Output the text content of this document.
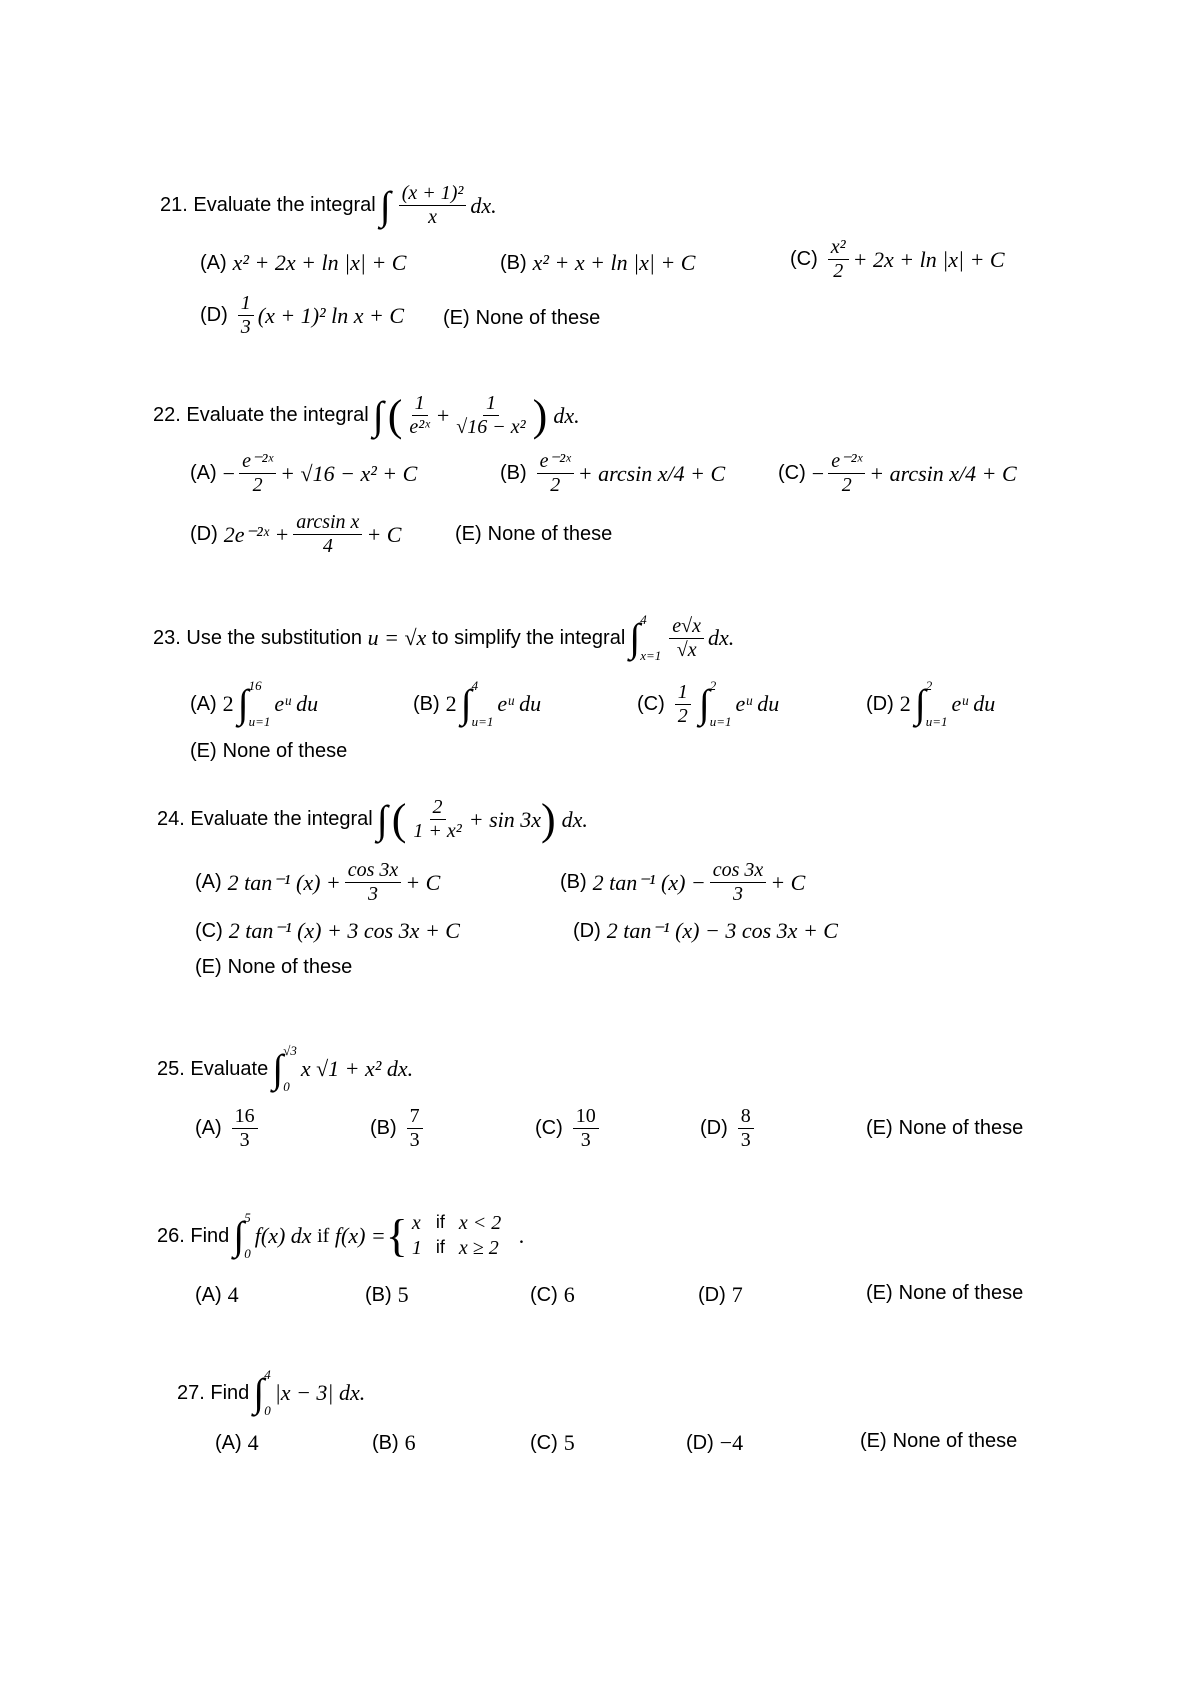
21.
Evaluate the integral ∫ $\frac{\text{(x + 1)²}}{x}$ dx.
(A) x² + 2x + ln |x| + C	(B) x² + x + ln |x| + C	$(C) \frac{\text{x²}}{2} + 2x + \ln |x| + C$
$(D) \frac{1}{3} (x + 1)^2$ ln x + C (E) None of these
22.
Evaluate the integral ∫ ( $\frac{1}{\text{e²ˣ}} + \frac{1}{\text{√16 − x²}}$ ) dx.
$(A) - \frac{\text{e⁻²ˣ}}{2} + √16 - x^2 + C$	$(B) \frac{\text{e⁻²ˣ}}{2} + \arcsin x/4 + C$	$(C) - \frac{\text{e⁻²ˣ}}{2} + \arcsin x/4 + C$
(D) 2e⁻²ˣ + $\frac{\text{arcsin x}}{4} + C$	(E) None of these
23.
Use the substitution
u = √x
to simplify the integral ∫ 4
$x=1 \frac{e√x}{√x}$ dx.
(A) 2 ∫ 16
u=1
eᵘ du	(B) 2 ∫ 4
u=1
eᵘ du	$(C) \frac{1}{2}$ ∫ 2
u=1
eᵘ du	(D) 2 ∫ 2
u=1
eᵘ du
(E) None of these
24.
Evaluate the integral ∫ ( $\frac{2}{\text{1 + x²}} + \sin 3x$ ) dx.
(A) 2 tan⁻¹ $(x) + \frac{\cos 3x}{3} + C$	(B) 2 tan⁻¹ $(x) - \frac{\cos 3x}{3} + C$
(C) 2 tan⁻¹ (x) + 3 cos 3x + C	(D) 2 tan⁻¹ (x) − 3 cos 3x + C
(E) None of these
25.
Evaluate ∫ √3
0
x √1 + x² dx.
$(A) \frac{16}{3}$	$(B) \frac{7}{3}$	$(C) \frac{10}{3}$	$(D) \frac{8}{3}$	(E) None of these
26.
Find ∫ 5
0
f(x) dx
if
f(x) = { x if x < 2
1 if x ≥ 2 .
(A) 4	(B) 5	(C) 6	(D) 7	(E) None of these
27.
Find ∫ 4
0
|x − 3| dx.
(A) 4	(B) 6	(C) 5	(D) −4	(E) None of these
